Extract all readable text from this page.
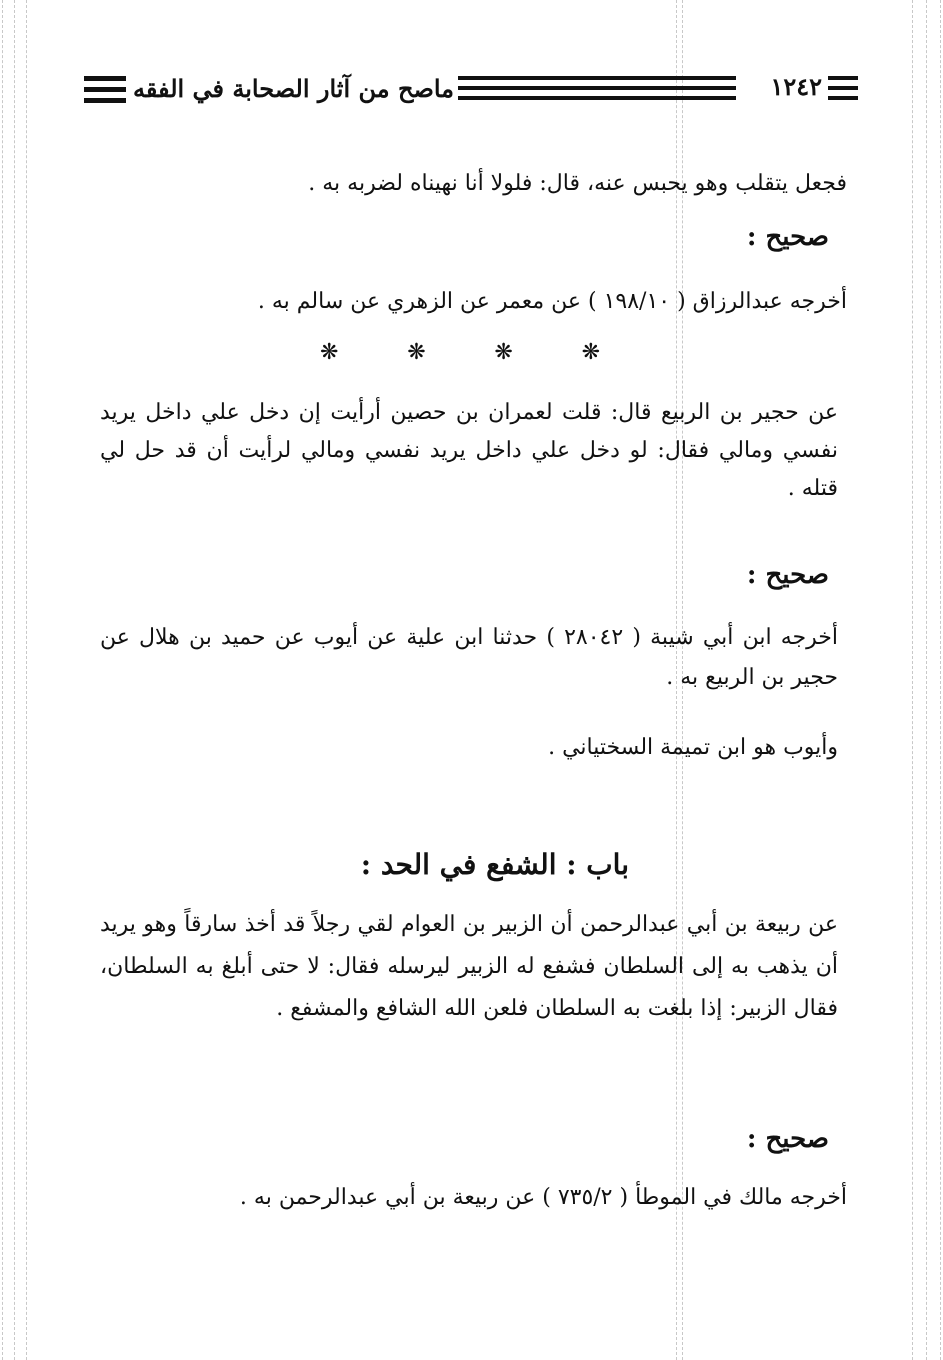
١٢٤٢
ماصح من آثار الصحابة في الفقه

فجعل يتقلب وهو يحبس عنه، قال: فلولا أنا نهيناه لضربه به .

صحيح :

أخرجه عبدالرزاق ( ١٩٨/١٠ ) عن معمر عن الزهري عن سالم به .

❋	❋	❋	❋

عن حجير بن الربيع قال: قلت لعمران بن حصين أرأيت إن دخل علي داخل يريد نفسي ومالي فقال: لو دخل علي داخل يريد نفسي ومالي لرأيت أن قد حل لي قتله .

صحيح :

أخرجه ابن أبي شيبة ( ٢٨٠٤٢ ) حدثنا ابن علية عن أيوب عن حميد بن هلال عن حجير بن الربيع به .

وأيوب هو ابن تميمة السختياني .

باب : الشفع في الحد :

عن ربيعة بن أبي عبدالرحمن أن الزبير بن العوام لقي رجلاً قد أخذ سارقاً وهو يريد أن يذهب به إلى السلطان فشفع له الزبير ليرسله فقال: لا حتى أبلغ به السلطان، فقال الزبير: إذا بلغت به السلطان فلعن الله الشافع والمشفع .

صحيح :

أخرجه مالك في الموطأ ( ٧٣٥/٢ ) عن ربيعة بن أبي عبدالرحمن به .
